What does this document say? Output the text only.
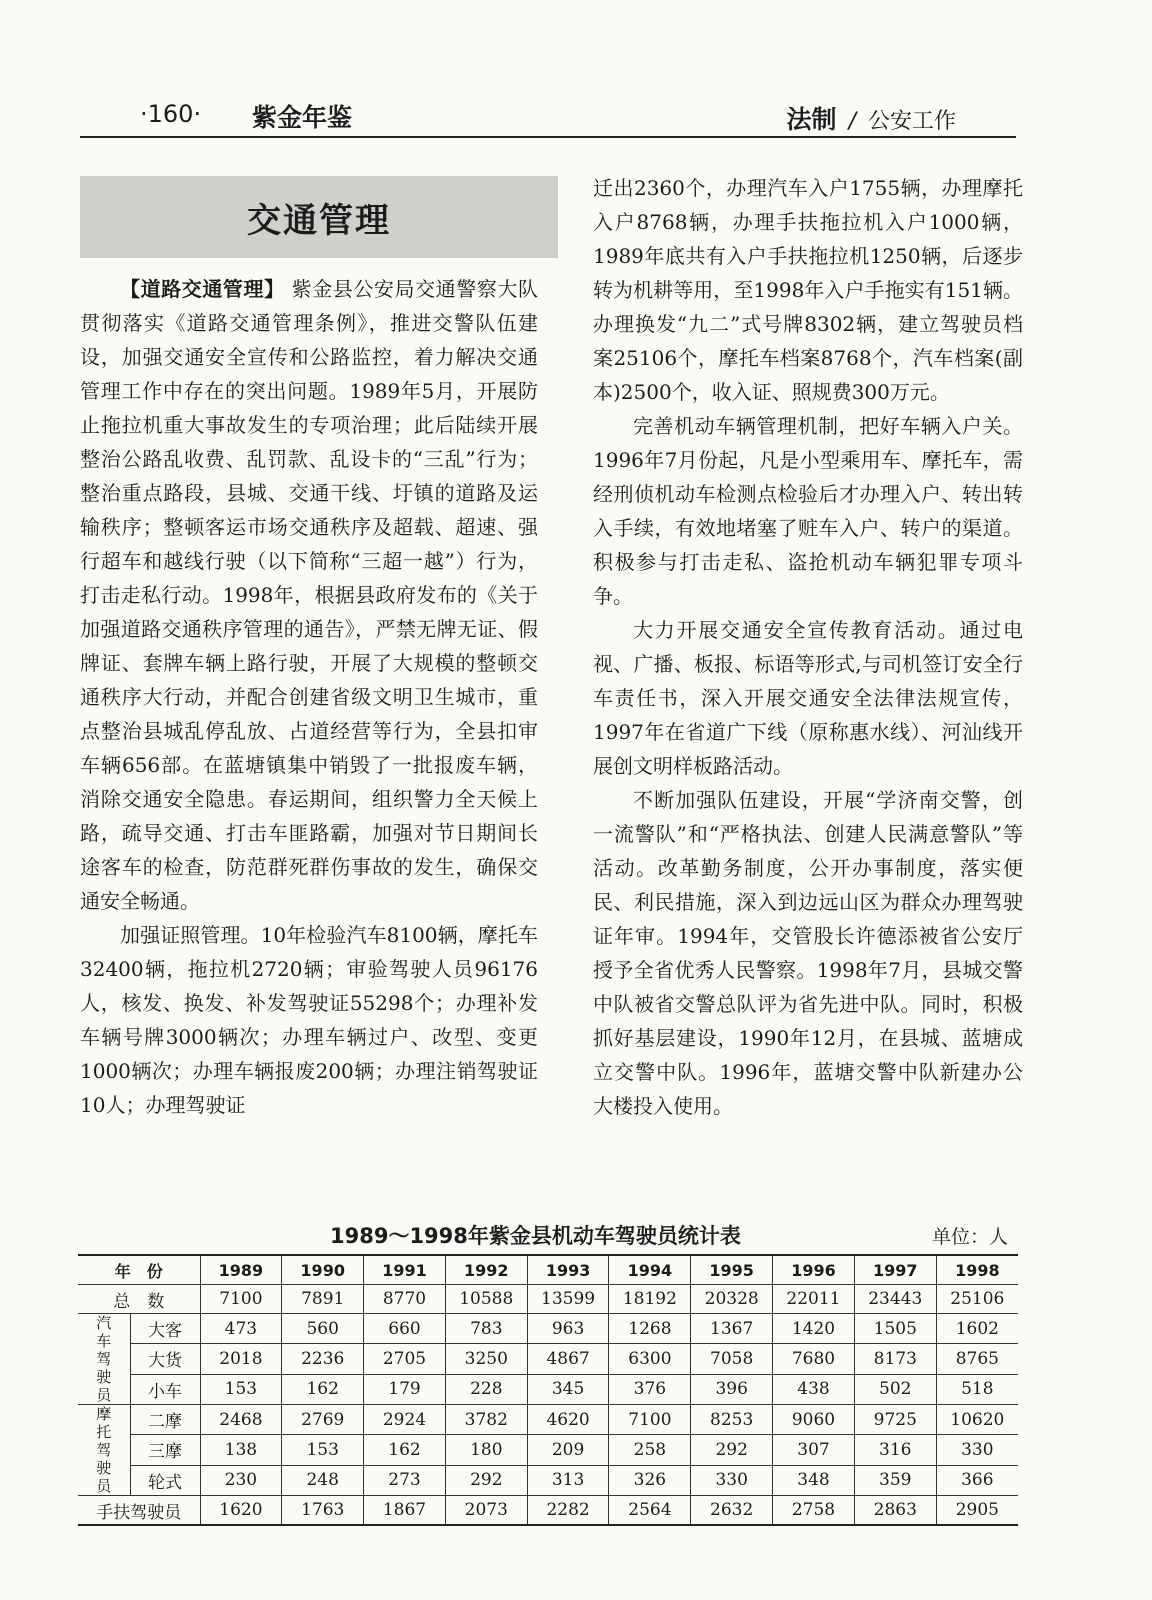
·160· 紫金年鉴	法制 / 公安工作
交通管理

【道路交通管理】 紫金县公安局交通警察大队贯彻落实《道路交通管理条例》，推进交警队伍建设，加强交通安全宣传和公路监控，着力解决交通管理工作中存在的突出问题。1989年5月，开展防止拖拉机重大事故发生的专项治理；此后陆续开展整治公路乱收费、乱罚款、乱设卡的“三乱”行为；整治重点路段，县城、交通干线、圩镇的道路及运输秩序；整顿客运市场交通秩序及超载、超速、强行超车和越线行驶（以下简称“三超一越”）行为，打击走私行动。1998年，根据县政府发布的《关于加强道路交通秩序管理的通告》，严禁无牌无证、假牌证、套牌车辆上路行驶，开展了大规模的整顿交通秩序大行动，并配合创建省级文明卫生城市，重点整治县城乱停乱放、占道经营等行为，全县扣审车辆656部。在蓝塘镇集中销毁了一批报废车辆，消除交通安全隐患。春运期间，组织警力全天候上路，疏导交通、打击车匪路霸，加强对节日期间长途客车的检查，防范群死群伤事故的发生，确保交通安全畅通。

加强证照管理。10年检验汽车8100辆，摩托车32400辆，拖拉机2720辆；审验驾驶人员96176人，核发、换发、补发驾驶证55298个；办理补发车辆号牌3000辆次；办理车辆过户、改型、变更1000辆次；办理车辆报废200辆；办理注销驾驶证10人；办理驾驶证

迁出2360个，办理汽车入户1755辆，办理摩托入户8768辆，办理手扶拖拉机入户1000辆，1989年底共有入户手扶拖拉机1250辆，后逐步转为机耕等用，至1998年入户手拖实有151辆。办理换发“九二”式号牌8302辆，建立驾驶员档案25106个，摩托车档案8768个，汽车档案(副本)2500个，收入证、照规费300万元。

完善机动车辆管理机制，把好车辆入户关。1996年7月份起，凡是小型乘用车、摩托车，需经刑侦机动车检测点检验后才办理入户、转出转入手续，有效地堵塞了赃车入户、转户的渠道。积极参与打击走私、盗抢机动车辆犯罪专项斗争。

大力开展交通安全宣传教育活动。通过电视、广播、板报、标语等形式,与司机签订安全行车责任书，深入开展交通安全法律法规宣传，1997年在省道广下线（原称惠水线）、河汕线开展创文明样板路活动。

不断加强队伍建设，开展“学济南交警，创一流警队”和“严格执法、创建人民满意警队”等活动。改革勤务制度，公开办事制度，落实便民、利民措施，深入到边远山区为群众办理驾驶证年审。1994年，交管股长许德添被省公安厅授予全省优秀人民警察。1998年7月，县城交警中队被省交警总队评为省先进中队。同时，积极抓好基层建设，1990年12月，在县城、蓝塘成立交警中队。1996年，蓝塘交警中队新建办公大楼投入使用。

1989～1998年紫金县机动车驾驶员统计表	单位：人
年　份		1989	1990	1991	1992	1993	1994	1995	1996	1997	1998
总　数		7100	7891	8770	10588	13599	18192	20328	22011	23443	25106

汽
车
驾
驶
员	大客	473	560	660	783	963	1268	1367	1420	1505	1602
	大货	2018	2236	2705	3250	4867	6300	7058	7680	8173	8765
	小车	153	162	179	228	345	376	396	438	502	518

摩
托
驾
驶
员	二摩	2468	2769	2924	3782	4620	7100	8253	9060	9725	10620
	三摩	138	153	162	180	209	258	292	307	316	330
	轮式	230	248	273	292	313	326	330	348	359	366
手扶驾驶员		1620	1763	1867	2073	2282	2564	2632	2758	2863	2905
